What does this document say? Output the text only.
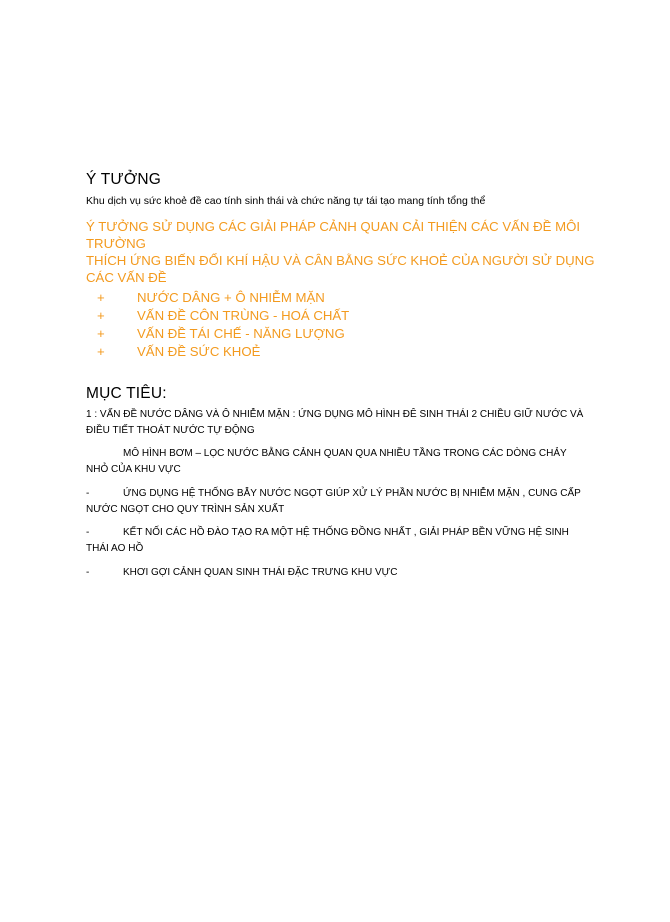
Ý TƯỞNG
Khu dịch vụ sức khoẻ đề cao tính sinh thái và chức năng tự tái tạo mang tính tổng thể
Ý TƯỞNG SỬ DỤNG CÁC GIẢI PHÁP CẢNH QUAN CẢI THIỆN CÁC VẤN ĐỀ MÔI
TRƯỜNG
THÍCH ỨNG BIẾN ĐỔI KHÍ HẬU VÀ CÂN BẰNG SỨC KHOẺ CỦA NGƯỜI SỬ DỤNG
CÁC VẤN ĐỀ
+	NƯỚC DÂNG + Ô NHIỄM MẶN
+	VẤN ĐỀ CÔN TRÙNG - HOÁ CHẤT
+	VẤN ĐỀ TÁI CHẾ - NĂNG LƯỢNG
+	VẤN ĐỀ SỨC KHOẺ
MỤC TIÊU:
1 : VẤN ĐỀ NƯỚC DÂNG VÀ Ô NHIỄM MẶN : ỨNG DỤNG MÔ HÌNH ĐÊ SINH THÁI 2 CHIỀU GIỮ NƯỚC VÀ
ĐIỀU TIẾT THOÁT NƯỚC TỰ ĐỘNG
MÔ HÌNH BƠM – LỌC NƯỚC BẰNG CẢNH QUAN QUA NHIỀU TẦNG TRONG CÁC DÒNG CHẢY
NHỎ CỦA KHU VỰC
-	ỨNG DỤNG HỆ THỐNG BẪY NƯỚC NGỌT GIÚP XỬ LÝ PHẦN NƯỚC BỊ NHIỄM MẶN , CUNG CẤP
NƯỚC NGỌT CHO QUY TRÌNH SẢN XUẤT
-	KẾT NỐI CÁC HỒ ĐÀO TẠO RA MỘT HỆ THỐNG ĐỒNG NHẤT , GIẢI PHÁP BỀN VỮNG HỆ SINH
THÁI AO HỒ
-	KHƠI GỢI CẢNH QUAN SINH THÁI ĐẶC TRƯNG KHU VỰC
